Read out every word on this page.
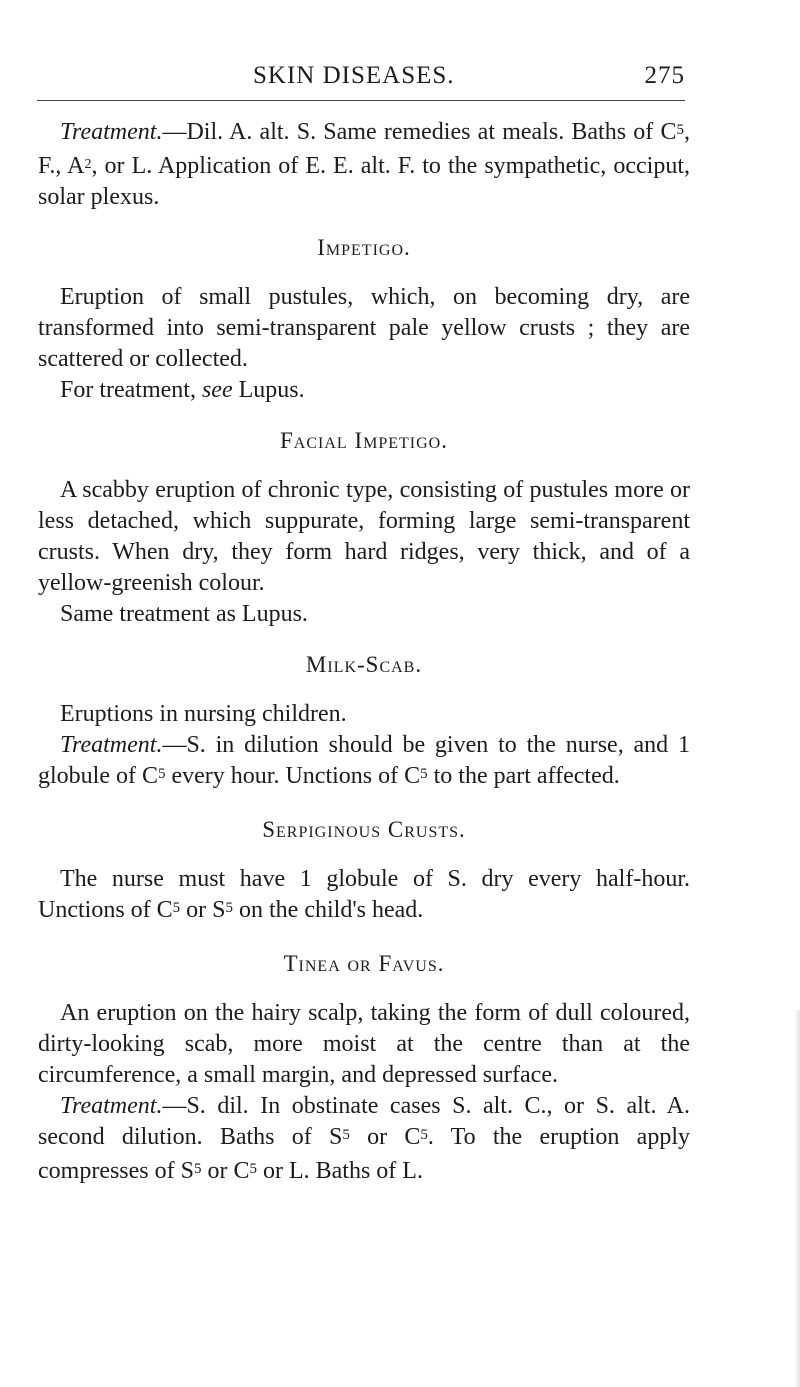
SKIN DISEASES.	275

Treatment.—Dil. A. alt. S. Same remedies at meals. Baths of $C^5$, F., $A^2$, or L. Application of E. E. alt. F. to the sympathetic, occiput, solar plexus.

Impetigo.

Eruption of small pustules, which, on becoming dry, are transformed into semi-transparent pale yellow crusts ; they are scattered or collected.

For treatment, see Lupus.

Facial Impetigo.

A scabby eruption of chronic type, consisting of pustules more or less detached, which suppurate, forming large semi-transparent crusts. When dry, they form hard ridges, very thick, and of a yellow-greenish colour.

Same treatment as Lupus.

Milk-Scab.

Eruptions in nursing children.

Treatment.—S. in dilution should be given to the nurse, and 1 globule of $C^5$ every hour. Unctions of $C^5$ to the part affected.

Serpiginous Crusts.

The nurse must have 1 globule of S. dry every half-hour. Unctions of $C^5$ or $S^5$ on the child's head.

Tinea or Favus.

An eruption on the hairy scalp, taking the form of dull coloured, dirty-looking scab, more moist at the centre than at the circumference, a small margin, and depressed surface.

Treatment.—S. dil. In obstinate cases S. alt. C., or S. alt. A. second dilution. Baths of $S^5$ or $C^5$. To the eruption apply compresses of $S^5$ or $C^5$ or L. Baths of L.
